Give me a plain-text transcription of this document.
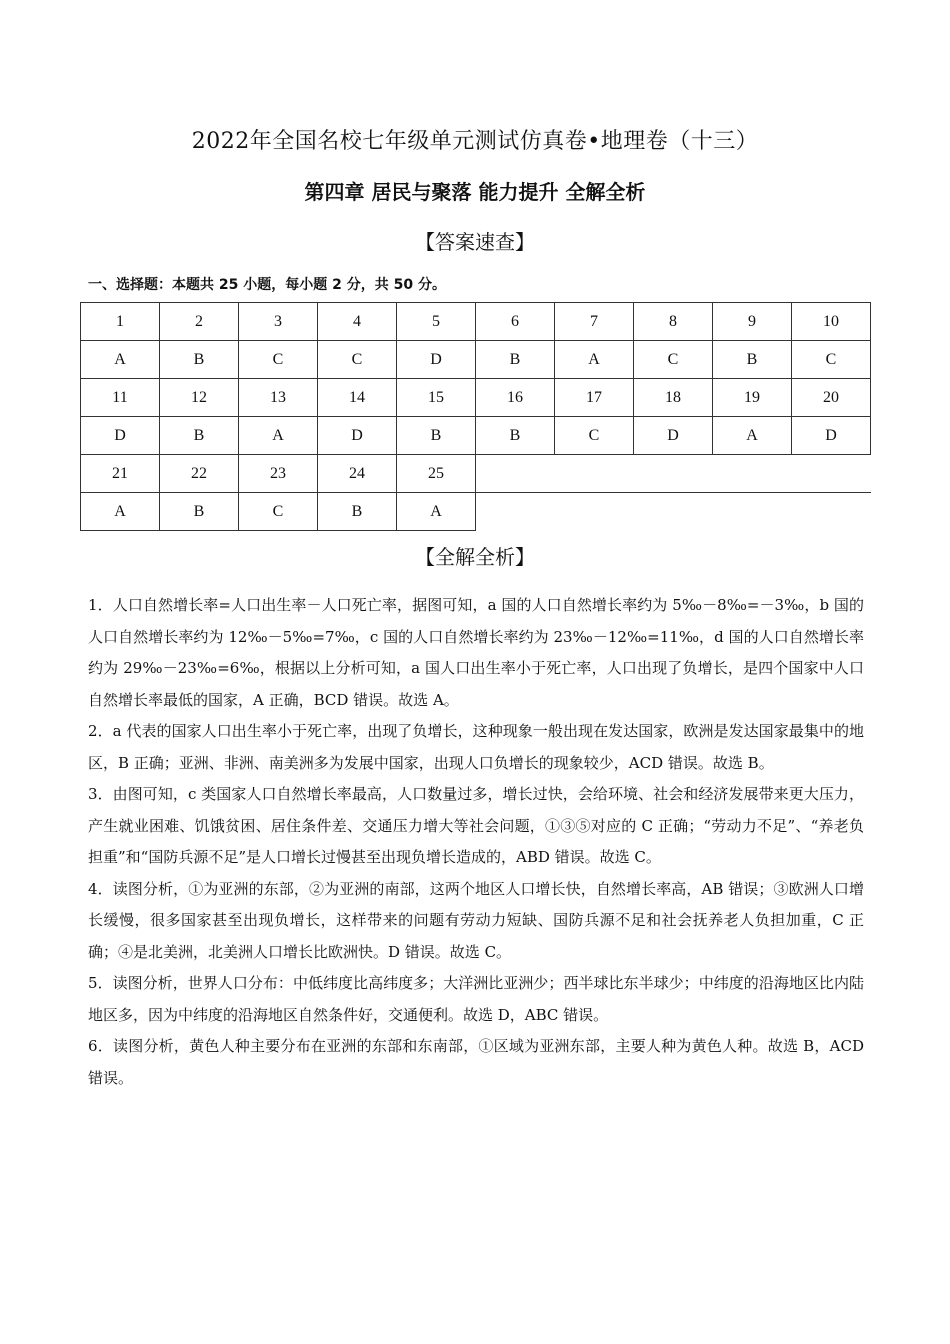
2022年全国名校七年级单元测试仿真卷•地理卷（十三）
第四章 居民与聚落 能力提升 全解全析
【答案速查】
一、选择题：本题共 25 小题，每小题 2 分，共 50 分。
1	2	3	4	5	6	7	8	9	10
A	B	C	C	D	B	A	C	B	C
11	12	13	14	15	16	17	18	19	20
D	B	A	D	B	B	C	D	A	D
21	22	23	24	25					
A	B	C	B	A					
【全解全析】

1．人口自然增长率=人口出生率－人口死亡率，据图可知，a 国的人口自然增长率约为 5‰－8‰=－3‰，b 国的人口自然增长率约为 12‰－5‰=7‰，c 国的人口自然增长率约为 23‰－12‰=11‰，d 国的人口自然增长率约为 29‰－23‰=6‰，根据以上分析可知，a 国人口出生率小于死亡率，人口出现了负增长，是四个国家中人口自然增长率最低的国家，A 正确，BCD 错误。故选 A。

2．a 代表的国家人口出生率小于死亡率，出现了负增长，这种现象一般出现在发达国家，欧洲是发达国家最集中的地区，B 正确；亚洲、非洲、南美洲多为发展中国家，出现人口负增长的现象较少，ACD 错误。故选 B。

3．由图可知，c 类国家人口自然增长率最高，人口数量过多，增长过快，会给环境、社会和经济发展带来更大压力，产生就业困难、饥饿贫困、居住条件差、交通压力增大等社会问题，①③⑤对应的 C 正确；“劳动力不足”、“养老负担重”和“国防兵源不足”是人口增长过慢甚至出现负增长造成的，ABD 错误。故选 C。

4．读图分析，①为亚洲的东部，②为亚洲的南部，这两个地区人口增长快，自然增长率高，AB 错误；③欧洲人口增长缓慢，很多国家甚至出现负增长，这样带来的问题有劳动力短缺、国防兵源不足和社会抚养老人负担加重，C 正确；④是北美洲，北美洲人口增长比欧洲快。D 错误。故选 C。

5．读图分析，世界人口分布：中低纬度比高纬度多；大洋洲比亚洲少；西半球比东半球少；中纬度的沿海地区比内陆地区多，因为中纬度的沿海地区自然条件好，交通便利。故选 D，ABC 错误。

6．读图分析，黄色人种主要分布在亚洲的东部和东南部，①区域为亚洲东部，主要人种为黄色人种。故选 B，ACD 错误。
